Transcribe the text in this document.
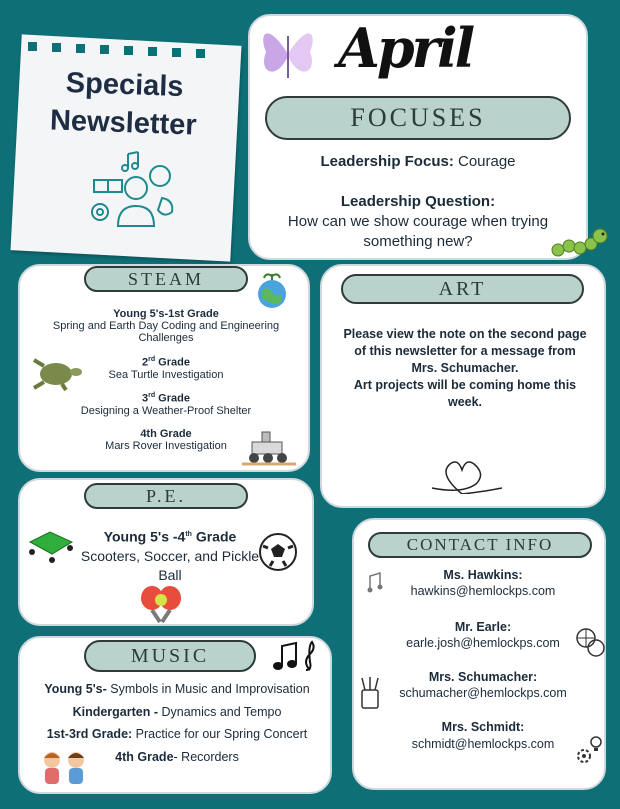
Specials
Newsletter
April
FOCUSES
Leadership Focus: Courage
Leadership Question:
How can we show courage when trying something new?
STEAM
Young 5's-1st Grade
Spring and Earth Day Coding and Engineering Challenges
2rd Grade
Sea Turtle Investigation
3rd Grade
Designing a Weather-Proof Shelter
4th Grade
Mars Rover Investigation
ART
Please view the note on the second page of this newsletter for a message from
Mrs. Schumacher.
Art projects will be coming home this week.
P.E.
Young 5's -4th Grade
Scooters, Soccer, and Pickle Ball
MUSIC
Young 5's- Symbols in Music and Improvisation
Kindergarten - Dynamics and Tempo
1st-3rd Grade: Practice for our Spring Concert
4th Grade- Recorders
CONTACT INFO
Ms. Hawkins:
hawkins@hemlockps.com
Mr. Earle:
earle.josh@hemlockps.com
Mrs. Schumacher:
schumacher@hemlockps.com
Mrs. Schmidt:
schmidt@hemlockps.com
